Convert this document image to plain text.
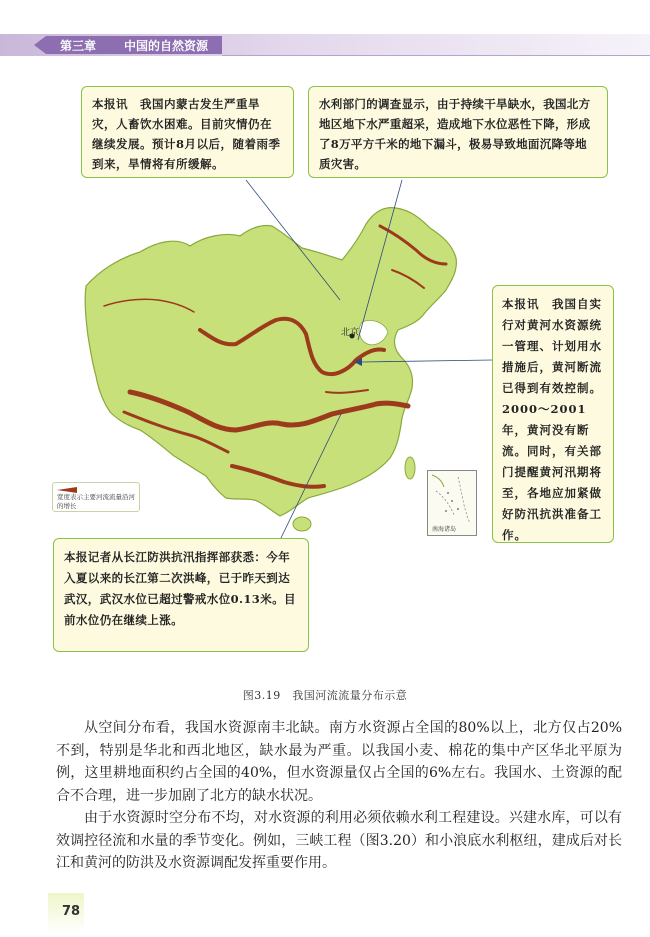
第三章 中国的自然资源
北京
本报讯　我国内蒙古发生严重旱灾，人畜饮水困难。目前灾情仍在继续发展。预计8月以后，随着雨季到来，旱情将有所缓解。
水利部门的调查显示，由于持续干旱缺水，我国北方地区地下水严重超采，造成地下水位恶性下降，形成了8万平方千米的地下漏斗，极易导致地面沉降等地质灾害。
本报讯　我国自实行对黄河水资源统一管理、计划用水措施后，黄河断流已得到有效控制。2000～2001年，黄河没有断流。同时，有关部门提醒黄河汛期将至，各地应加紧做好防汛抗洪准备工作。
本报记者从长江防洪抗汛指挥部获悉：今年入夏以来的长江第二次洪峰，已于昨天到达武汉，武汉水位已超过警戒水位0.13米。目前水位仍在继续上涨。
宽度表示主要河流流量沿河的增长
南海诸岛
图3.19　我国河流流量分布示意

从空间分布看，我国水资源南丰北缺。南方水资源占全国的80%以上，北方仅占20%不到，特别是华北和西北地区，缺水最为严重。以我国小麦、棉花的集中产区华北平原为例，这里耕地面积约占全国的40%，但水资源量仅占全国的6%左右。我国水、土资源的配合不合理，进一步加剧了北方的缺水状况。

由于水资源时空分布不均，对水资源的利用必须依赖水利工程建设。兴建水库，可以有效调控径流和水量的季节变化。例如，三峡工程（图3.20）和小浪底水利枢纽，建成后对长江和黄河的防洪及水资源调配发挥重要作用。

78
